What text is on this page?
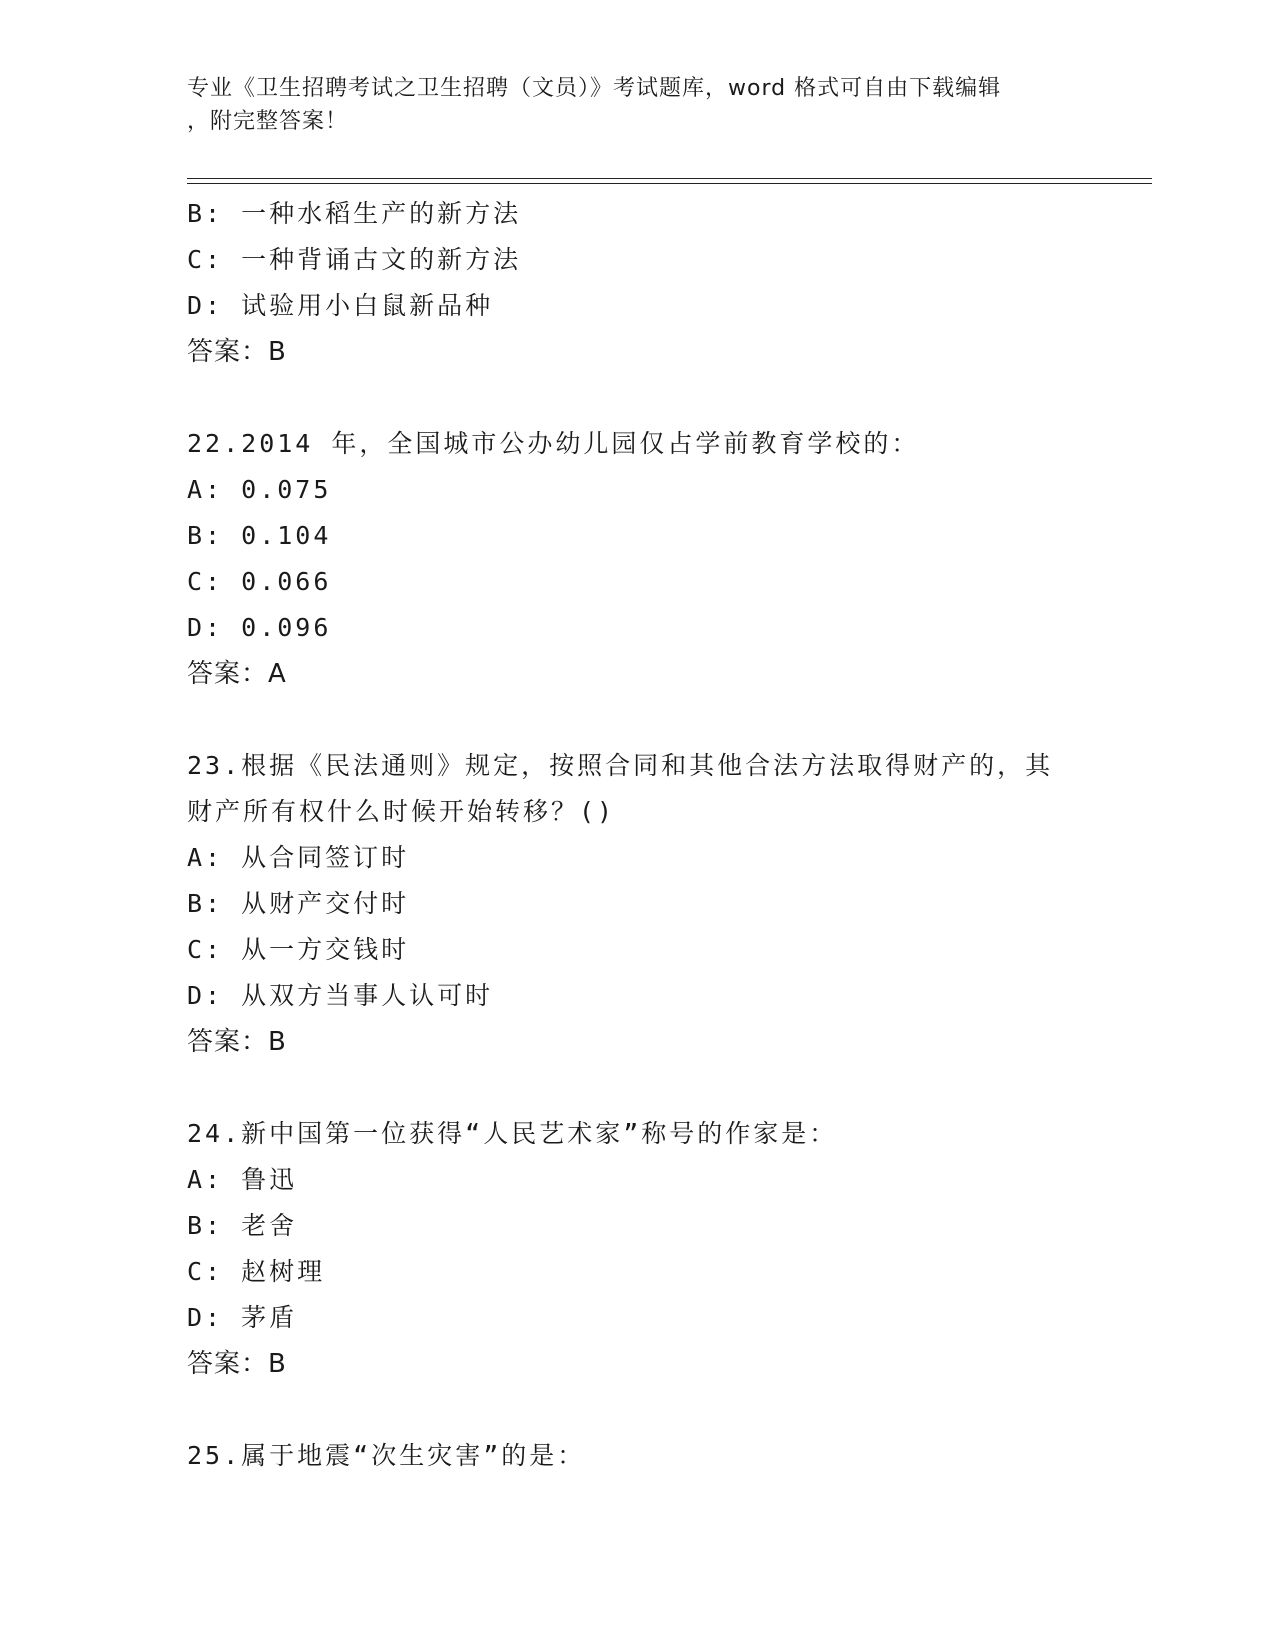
专业《卫生招聘考试之卫生招聘（文员）》考试题库，word 格式可自由下载编辑
，附完整答案！
B: 一种水稻生产的新方法
C: 一种背诵古文的新方法
D: 试验用小白鼠新品种
答案：B
22.2014 年，全国城市公办幼儿园仅占学前教育学校的：
A: 0.075
B: 0.104
C: 0.066
D: 0.096
答案：A
23.根据《民法通则》规定，按照合同和其他合法方法取得财产的，其
财产所有权什么时候开始转移？()
A: 从合同签订时
B: 从财产交付时
C: 从一方交钱时
D: 从双方当事人认可时
答案：B
24.新中国第一位获得“人民艺术家”称号的作家是：
A: 鲁迅
B: 老舍
C: 赵树理
D: 茅盾
答案：B
25.属于地震“次生灾害”的是：
